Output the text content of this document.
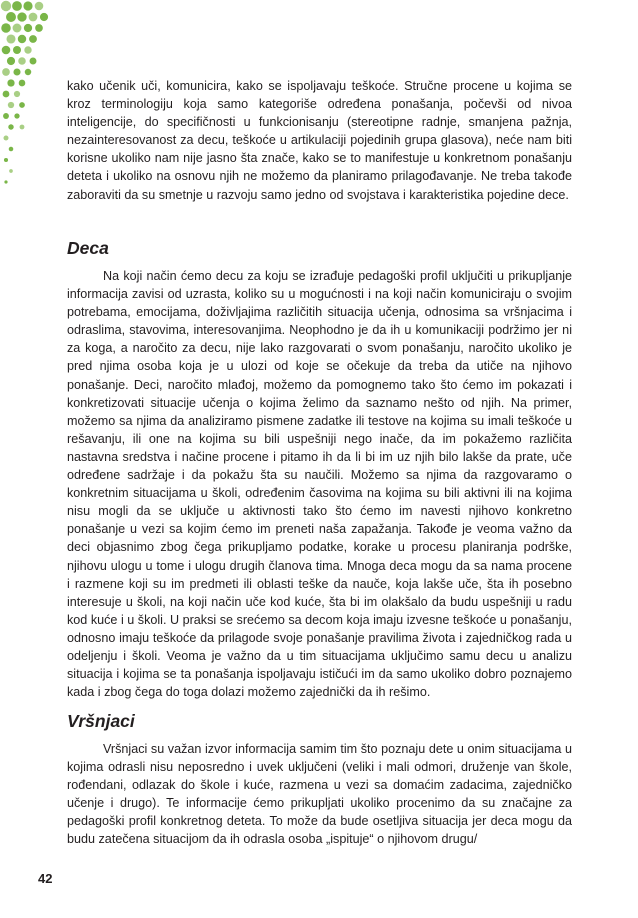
kako učenik uči, komunicira, kako se ispoljavaju teškoće. Stručne procene u kojima se kroz terminologiju koja samo kategoriše određena ponašanja, počevši od nivoa inteligencije, do specifičnosti u funkcionisanju (stereotipne radnje, smanjena pažnja, nezainteresovanost za decu, teškoće u artikulaciji pojedinih grupa glasova), neće nam biti korisne ukoliko nam nije jasno šta znače, kako se to manifestuje u konkretnom ponašanju deteta i ukoliko na osnovu njih ne možemo da planiramo prilagođavanje. Ne treba takođe zaboraviti da su smetnje u razvoju samo jedno od svojstava i karakteristika pojedine dece.

Deca

Na koji način ćemo decu za koju se izrađuje pedagoški profil uključiti u prikupljanje informacija zavisi od uzrasta, koliko su u mogućnosti i na koji način komuniciraju o svojim potrebama, emocijama, doživljajima različitih situacija učenja, odnosima sa vršnjacima i odraslima, stavovima, interesovanjima. Neophodno je da ih u komunikaciji podržimo jer ni za koga, a naročito za decu, nije lako razgovarati o svom ponašanju, naročito ukoliko je pred njima osoba koja je u ulozi od koje se očekuje da treba da utiče na njihovo ponašanje. Deci, naročito mlađoj, možemo da pomognemo tako što ćemo im pokazati i konkretizovati situacije učenja o kojima želimo da saznamo nešto od njih. Na primer, možemo sa njima da analiziramo pismene zadatke ili testove na kojima su imali teškoće u rešavanju, ili one na kojima su bili uspešniji nego inače, da im pokažemo različita nastavna sredstva i načine procene i pitamo ih da li bi im uz njih bilo lakše da prate, uče određene sadržaje i da pokažu šta su naučili. Možemo sa njima da razgovaramo o konkretnim situacijama u školi, određenim časovima na kojima su bili aktivni ili na kojima nisu mogli da se uključe u aktivnosti tako što ćemo im navesti njihovo konkretno ponašanje u vezi sa kojim ćemo im preneti naša zapažanja. Takođe je veoma važno da deci objasnimo zbog čega prikupljamo podatke, korake u procesu planiranja podrške, njihovu ulogu u tome i ulogu drugih članova tima. Mnoga deca mogu da sa nama procene i razmene koji su im predmeti ili oblasti teške da nauče, koja lakše uče, šta ih posebno interesuje u školi, na koji način uče kod kuće, šta bi im olakšalo da budu uspešniji u radu kod kuće i u školi. U praksi se srećemo sa decom koja imaju izvesne teškoće u ponašanju, odnosno imaju teškoće da prilagode svoje ponašanje pravilima života i zajedničkog rada u odeljenju i školi. Veoma je važno da u tim situacijama uključimo samu decu u analizu situacija i kojima se ta ponašanja ispoljavaju ističući im da samo ukoliko dobro poznajemo kada i zbog čega do toga dolazi možemo zajednički da ih rešimo.

Vršnjaci

Vršnjaci su važan izvor informacija samim tim što poznaju dete u onim situacijama u kojima odrasli nisu neposredno i uvek uključeni (veliki i mali odmori, druženje van škole, rođendani, odlazak do škole i kuće, razmena u vezi sa domaćim zadacima, zajedničko učenje i drugo). Te informacije ćemo prikupljati ukoliko procenimo da su značajne za pedagoški profil konkretnog deteta. To može da bude osetljiva situacija jer deca mogu da budu zatečena situacijom da ih odrasla osoba „ispituje“ o njihovom drugu/

42
